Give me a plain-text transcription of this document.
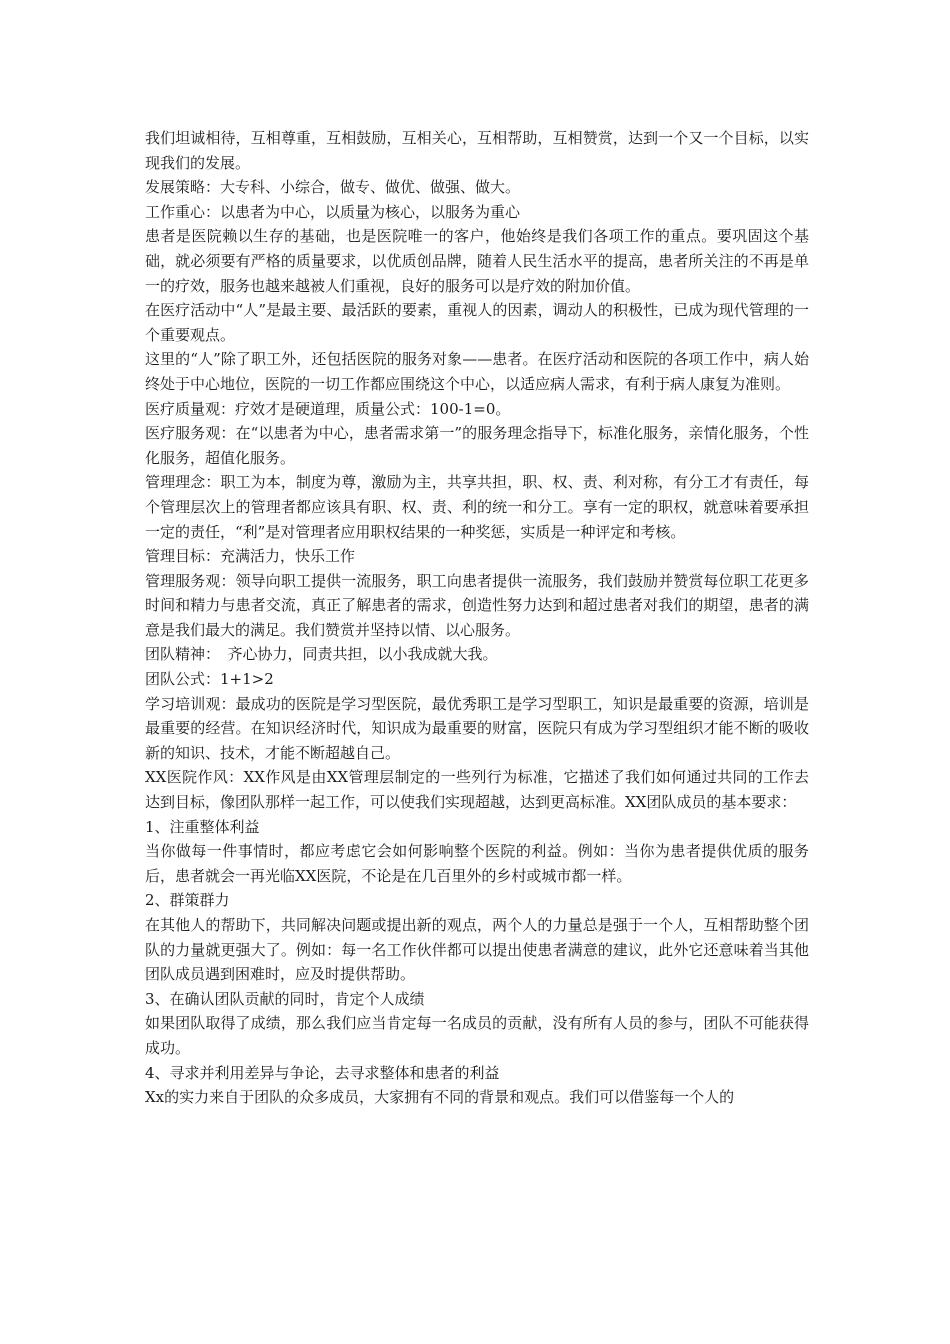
我们坦诚相待，互相尊重，互相鼓励，互相关心，互相帮助，互相赞赏，达到一个又一个目标，以实现我们的发展。

发展策略：大专科、小综合，做专、做优、做强、做大。

工作重心：以患者为中心，以质量为核心，以服务为重心

患者是医院赖以生存的基础，也是医院唯一的客户，他始终是我们各项工作的重点。要巩固这个基础，就必须要有严格的质量要求，以优质创品牌，随着人民生活水平的提高，患者所关注的不再是单一的疗效，服务也越来越被人们重视，良好的服务可以是疗效的附加价值。

在医疗活动中“人”是最主要、最活跃的要素，重视人的因素，调动人的积极性，已成为现代管理的一个重要观点。

这里的“人”除了职工外，还包括医院的服务对象——患者。在医疗活动和医院的各项工作中，病人始终处于中心地位，医院的一切工作都应围绕这个中心，以适应病人需求，有利于病人康复为准则。

医疗质量观：疗效才是硬道理，质量公式：100-1=0。

医疗服务观：在“以患者为中心，患者需求第一”的服务理念指导下，标准化服务，亲情化服务，个性化服务，超值化服务。

管理理念：职工为本，制度为尊，激励为主，共享共担，职、权、责、利对称，有分工才有责任，每个管理层次上的管理者都应该具有职、权、责、利的统一和分工。享有一定的职权，就意味着要承担一定的责任，“利”是对管理者应用职权结果的一种奖惩，实质是一种评定和考核。

管理目标：充满活力，快乐工作

管理服务观：领导向职工提供一流服务，职工向患者提供一流服务，我们鼓励并赞赏每位职工花更多时间和精力与患者交流，真正了解患者的需求，创造性努力达到和超过患者对我们的期望，患者的满意是我们最大的满足。我们赞赏并坚持以情、以心服务。

团队精神：　齐心协力，同责共担，以小我成就大我。

团队公式：1+1>2

学习培训观：最成功的医院是学习型医院，最优秀职工是学习型职工，知识是最重要的资源，培训是最重要的经营。在知识经济时代，知识成为最重要的财富，医院只有成为学习型组织才能不断的吸收新的知识、技术，才能不断超越自己。

XX医院作风：XX作风是由XX管理层制定的一些列行为标准，它描述了我们如何通过共同的工作去达到目标，像团队那样一起工作，可以使我们实现超越，达到更高标准。XX团队成员的基本要求：

1、注重整体利益

当你做每一件事情时，都应考虑它会如何影响整个医院的利益。例如：当你为患者提供优质的服务后，患者就会一再光临XX医院，不论是在几百里外的乡村或城市都一样。

2、群策群力

在其他人的帮助下，共同解决问题或提出新的观点，两个人的力量总是强于一个人，互相帮助整个团队的力量就更强大了。例如：每一名工作伙伴都可以提出使患者满意的建议，此外它还意味着当其他团队成员遇到困难时，应及时提供帮助。

3、在确认团队贡献的同时，肯定个人成绩

如果团队取得了成绩，那么我们应当肯定每一名成员的贡献，没有所有人员的参与，团队不可能获得成功。

4、寻求并利用差异与争论，去寻求整体和患者的利益

Xx的实力来自于团队的众多成员，大家拥有不同的背景和观点。我们可以借鉴每一个人的
